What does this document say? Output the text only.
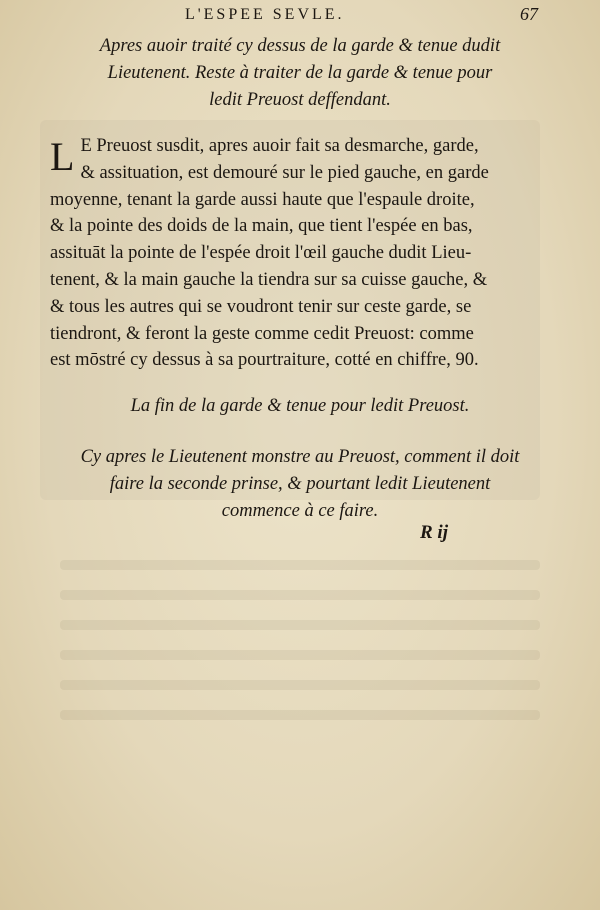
L'ESPEE SEVLE.	67
Apres auoir traité cy dessus de la garde & tenue dudit
Lieutenent. Reste à traiter de la garde & tenue pour
ledit Preuost deffendant.
L E Preuost susdit, apres auoir fait sa desmarche, garde,
& assituation, est demouré sur le pied gauche, en garde
moyenne, tenant la garde aussi haute que l'espaule droite,
& la pointe des doids de la main, que tient l'espée en bas,
assituāt la pointe de l'espée droit l'œil gauche dudit Lieu-
tenent, & la main gauche la tiendra sur sa cuisse gauche, &
& tous les autres qui se voudront tenir sur ceste garde, se
tiendront, & feront la geste comme cedit Preuost: comme
est mōstré cy dessus à sa pourtraiture, cotté en chiffre, 90.
La fin de la garde & tenue pour ledit Preuost.
Cy apres le Lieutenent monstre au Preuost, comment il doit
faire la seconde prinse, & pourtant ledit Lieutenent
commence à ce faire.
R ij
